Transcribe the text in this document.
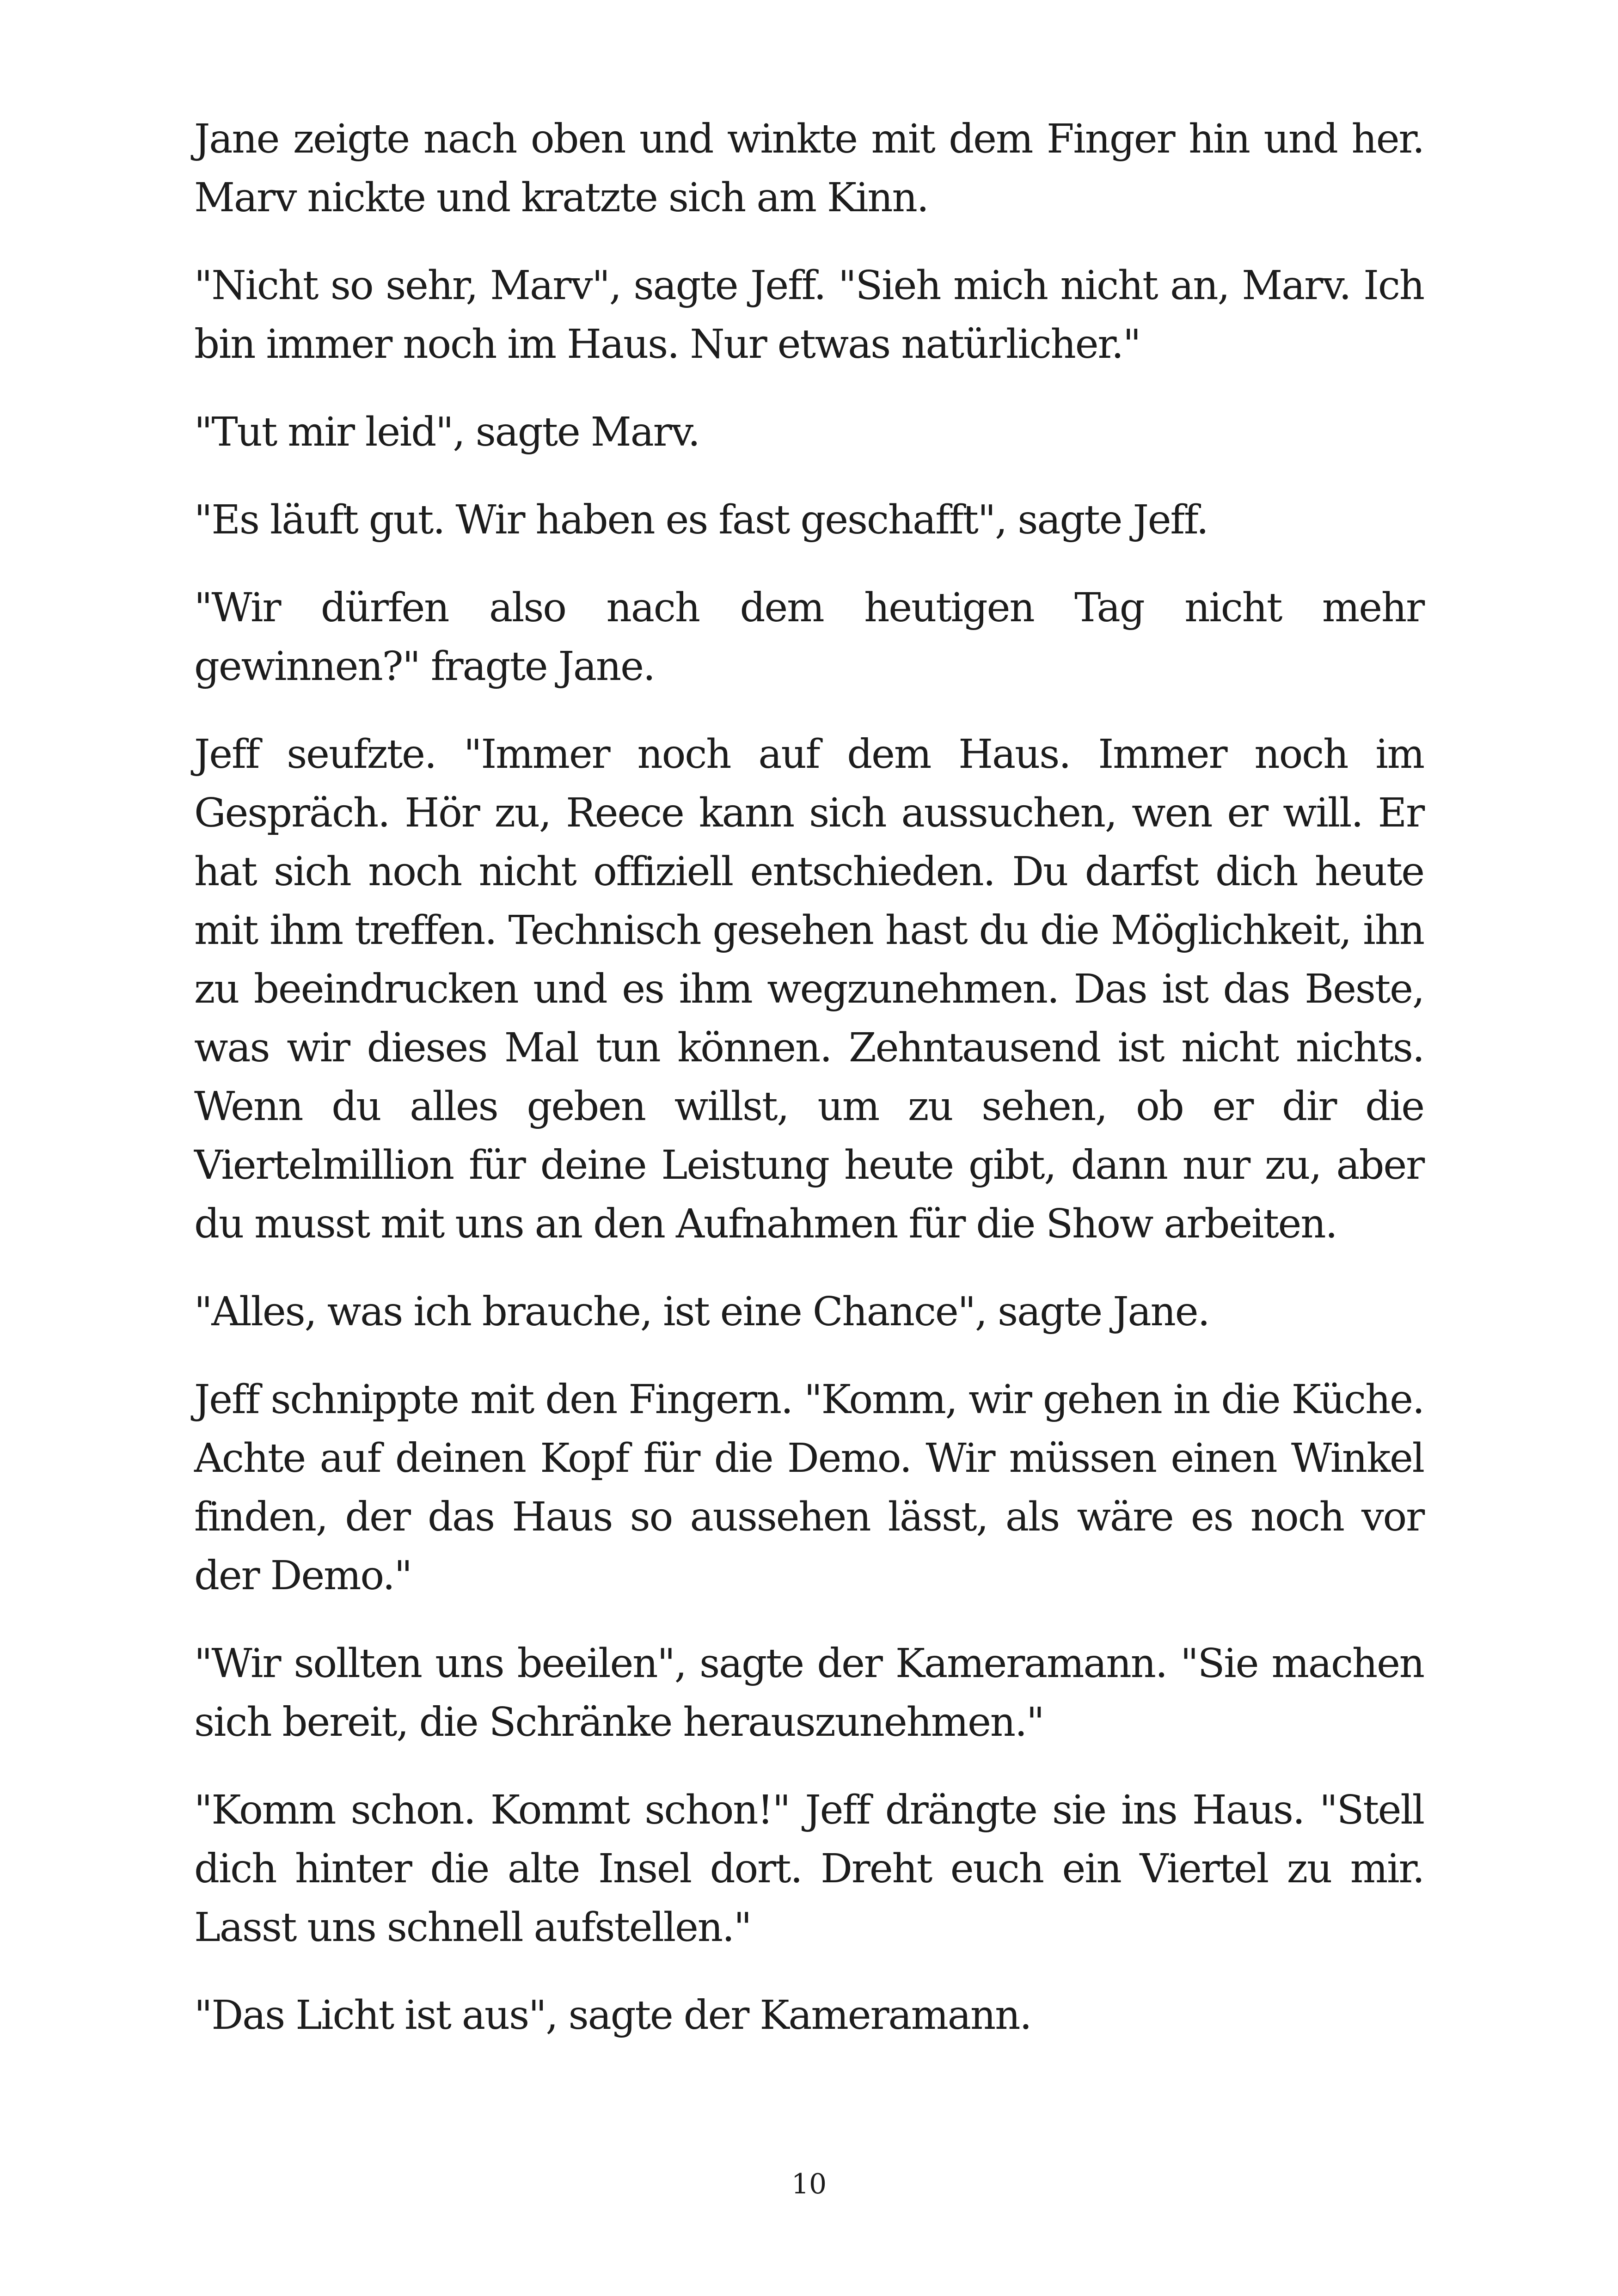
Jane zeigte nach oben und winkte mit dem Finger hin und her. Marv nickte und kratzte sich am Kinn.

"Nicht so sehr, Marv", sagte Jeff. "Sieh mich nicht an, Marv. Ich bin immer noch im Haus. Nur etwas natürlicher."

"Tut mir leid", sagte Marv.

"Es läuft gut. Wir haben es fast geschafft", sagte Jeff.

"Wir dürfen also nach dem heutigen Tag nicht mehr gewinnen?" fragte Jane.

Jeff seufzte. "Immer noch auf dem Haus. Immer noch im Gespräch. Hör zu, Reece kann sich aussuchen, wen er will. Er hat sich noch nicht offiziell entschieden. Du darfst dich heute mit ihm treffen. Technisch gesehen hast du die Möglichkeit, ihn zu beeindrucken und es ihm wegzunehmen. Das ist das Beste, was wir dieses Mal tun können. Zehntausend ist nicht nichts. Wenn du alles geben willst, um zu sehen, ob er dir die Viertelmillion für deine Leistung heute gibt, dann nur zu, aber du musst mit uns an den Aufnahmen für die Show arbeiten.

"Alles, was ich brauche, ist eine Chance", sagte Jane.

Jeff schnippte mit den Fingern. "Komm, wir gehen in die Küche. Achte auf deinen Kopf für die Demo. Wir müssen einen Winkel finden, der das Haus so aussehen lässt, als wäre es noch vor der Demo."

"Wir sollten uns beeilen", sagte der Kameramann. "Sie machen sich bereit, die Schränke herauszunehmen."

"Komm schon. Kommt schon!" Jeff drängte sie ins Haus. "Stell dich hinter die alte Insel dort. Dreht euch ein Viertel zu mir. Lasst uns schnell aufstellen."

"Das Licht ist aus", sagte der Kameramann.

10
